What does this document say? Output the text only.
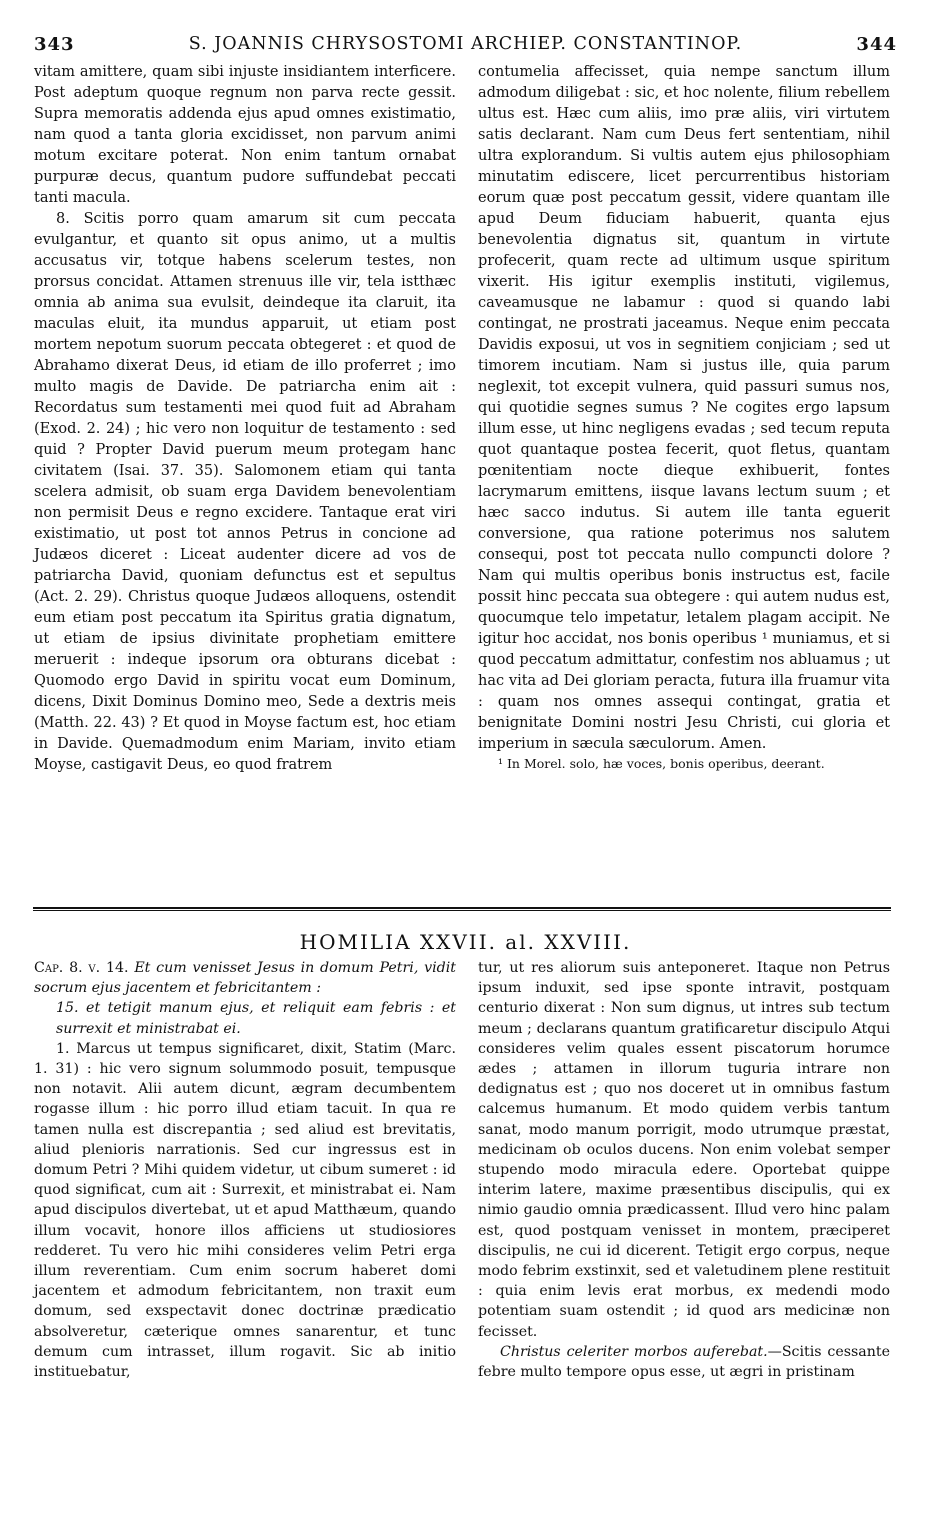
343	S. JOANNIS CHRYSOSTOMI ARCHIEP. CONSTANTINOP.	344

vitam amittere, quam sibi injuste insidiantem interficere. Post adeptum quoque regnum non parva recte gessit. Supra memoratis addenda ejus apud omnes existimatio, nam quod a tanta gloria excidisset, non parvum animi motum excitare poterat. Non enim tantum ornabat purpuræ decus, quantum pudore suffundebat peccati tanti macula.

8. Scitis porro quam amarum sit cum peccata evulgantur, et quanto sit opus animo, ut a multis accusatus vir, totque habens scelerum testes, non prorsus concidat. Attamen strenuus ille vir, tela istthæc omnia ab anima sua evulsit, deindeque ita claruit, ita maculas eluit, ita mundus apparuit, ut etiam post mortem nepotum suorum peccata obtegeret : et quod de Abrahamo dixerat Deus, id etiam de illo proferret ; imo multo magis de Davide. De patriarcha enim ait : Recordatus sum testamenti mei quod fuit ad Abraham (Exod. 2. 24) ; hic vero non loquitur de testamento : sed quid ? Propter David puerum meum protegam hanc civitatem (Isai. 37. 35). Salomonem etiam qui tanta scelera admisit, ob suam erga Davidem benevolentiam non permisit Deus e regno excidere. Tantaque erat viri existimatio, ut post tot annos Petrus in concione ad Judæos diceret : Liceat audenter dicere ad vos de patriarcha David, quoniam defunctus est et sepultus (Act. 2. 29). Christus quoque Judæos alloquens, ostendit eum etiam post peccatum ita Spiritus gratia dignatum, ut etiam de ipsius divinitate prophetiam emittere meruerit : indeque ipsorum ora obturans dicebat : Quomodo ergo David in spiritu vocat eum Dominum, dicens, Dixit Dominus Domino meo, Sede a dextris meis (Matth. 22. 43) ? Et quod in Moyse factum est, hoc etiam in Davide. Quemadmodum enim Mariam, invito etiam Moyse, castigavit Deus, eo quod fratrem

contumelia affecisset, quia nempe sanctum illum admodum diligebat : sic, et hoc nolente, filium rebellem ultus est. Hæc cum aliis, imo præ aliis, viri virtutem satis declarant. Nam cum Deus fert sententiam, nihil ultra explorandum. Si vultis autem ejus philosophiam minutatim ediscere, licet percurrentibus historiam eorum quæ post peccatum gessit, videre quantam ille apud Deum fiduciam habuerit, quanta ejus benevolentia dignatus sit, quantum in virtute profecerit, quam recte ad ultimum usque spiritum vixerit. His igitur exemplis instituti, vigilemus, caveamusque ne labamur : quod si quando labi contingat, ne prostrati jaceamus. Neque enim peccata Davidis exposui, ut vos in segnitiem conjiciam ; sed ut timorem incutiam. Nam si justus ille, quia parum neglexit, tot excepit vulnera, quid passuri sumus nos, qui quotidie segnes sumus ? Ne cogites ergo lapsum illum esse, ut hinc negligens evadas ; sed tecum reputa quot quantaque postea fecerit, quot fletus, quantam pœnitentiam nocte dieque exhibuerit, fontes lacrymarum emittens, iisque lavans lectum suum ; et hæc sacco indutus. Si autem ille tanta eguerit conversione, qua ratione poterimus nos salutem consequi, post tot peccata nullo compuncti dolore ? Nam qui multis operibus bonis instructus est, facile possit hinc peccata sua obtegere : qui autem nudus est, quocumque telo impetatur, letalem plagam accipit. Ne igitur hoc accidat, nos bonis operibus ¹ muniamus, et si quod peccatum admittatur, confestim nos abluamus ; ut hac vita ad Dei gloriam peracta, futura illa fruamur vita : quam nos omnes assequi contingat, gratia et benignitate Domini nostri Jesu Christi, cui gloria et imperium in sæcula sæculorum. Amen.

¹ In Morel. solo, hæ voces, bonis operibus, deerant.

HOMILIA XXVII. al. XXVIII.

Cap. 8. v. 14. Et cum venisset Jesus in domum Petri, vidit socrum ejus jacentem et febricitantem :

15. et tetigit manum ejus, et reliquit eam febris : et surrexit et ministrabat ei.

1. Marcus ut tempus significaret, dixit, Statim (Marc. 1. 31) : hic vero signum solummodo posuit, tempusque non notavit. Alii autem dicunt, ægram decumbentem rogasse illum : hic porro illud etiam tacuit. In qua re tamen nulla est discrepantia ; sed aliud est brevitatis, aliud plenioris narrationis. Sed cur ingressus est in domum Petri ? Mihi quidem videtur, ut cibum sumeret : id quod significat, cum ait : Surrexit, et ministrabat ei. Nam apud discipulos divertebat, ut et apud Matthæum, quando illum vocavit, honore illos afficiens ut studiosiores redderet. Tu vero hic mihi consideres velim Petri erga illum reverentiam. Cum enim socrum haberet domi jacentem et admodum febricitantem, non traxit eum domum, sed exspectavit donec doctrinæ prædicatio absolveretur, cæterique omnes sanarentur, et tunc demum cum intrasset, illum rogavit. Sic ab initio instituebatur,

tur, ut res aliorum suis anteponeret. Itaque non Petrus ipsum induxit, sed ipse sponte intravit, postquam centurio dixerat : Non sum dignus, ut intres sub tectum meum ; declarans quantum gratificaretur discipulo Atqui consideres velim quales essent piscatorum horumce ædes ; attamen in illorum tuguria intrare non dedignatus est ; quo nos doceret ut in omnibus fastum calcemus humanum. Et modo quidem verbis tantum sanat, modo manum porrigit, modo utrumque præstat, medicinam ob oculos ducens. Non enim volebat semper stupendo modo miracula edere. Oportebat quippe interim latere, maxime præsentibus discipulis, qui ex nimio gaudio omnia prædicassent. Illud vero hinc palam est, quod postquam venisset in montem, præciperet discipulis, ne cui id dicerent. Tetigit ergo corpus, neque modo febrim exstinxit, sed et valetudinem plene restituit : quia enim levis erat morbus, ex medendi modo potentiam suam ostendit ; id quod ars medicinæ non fecisset.

Christus celeriter morbos auferebat.—Scitis cessante febre multo tempore opus esse, ut ægri in pristinam
